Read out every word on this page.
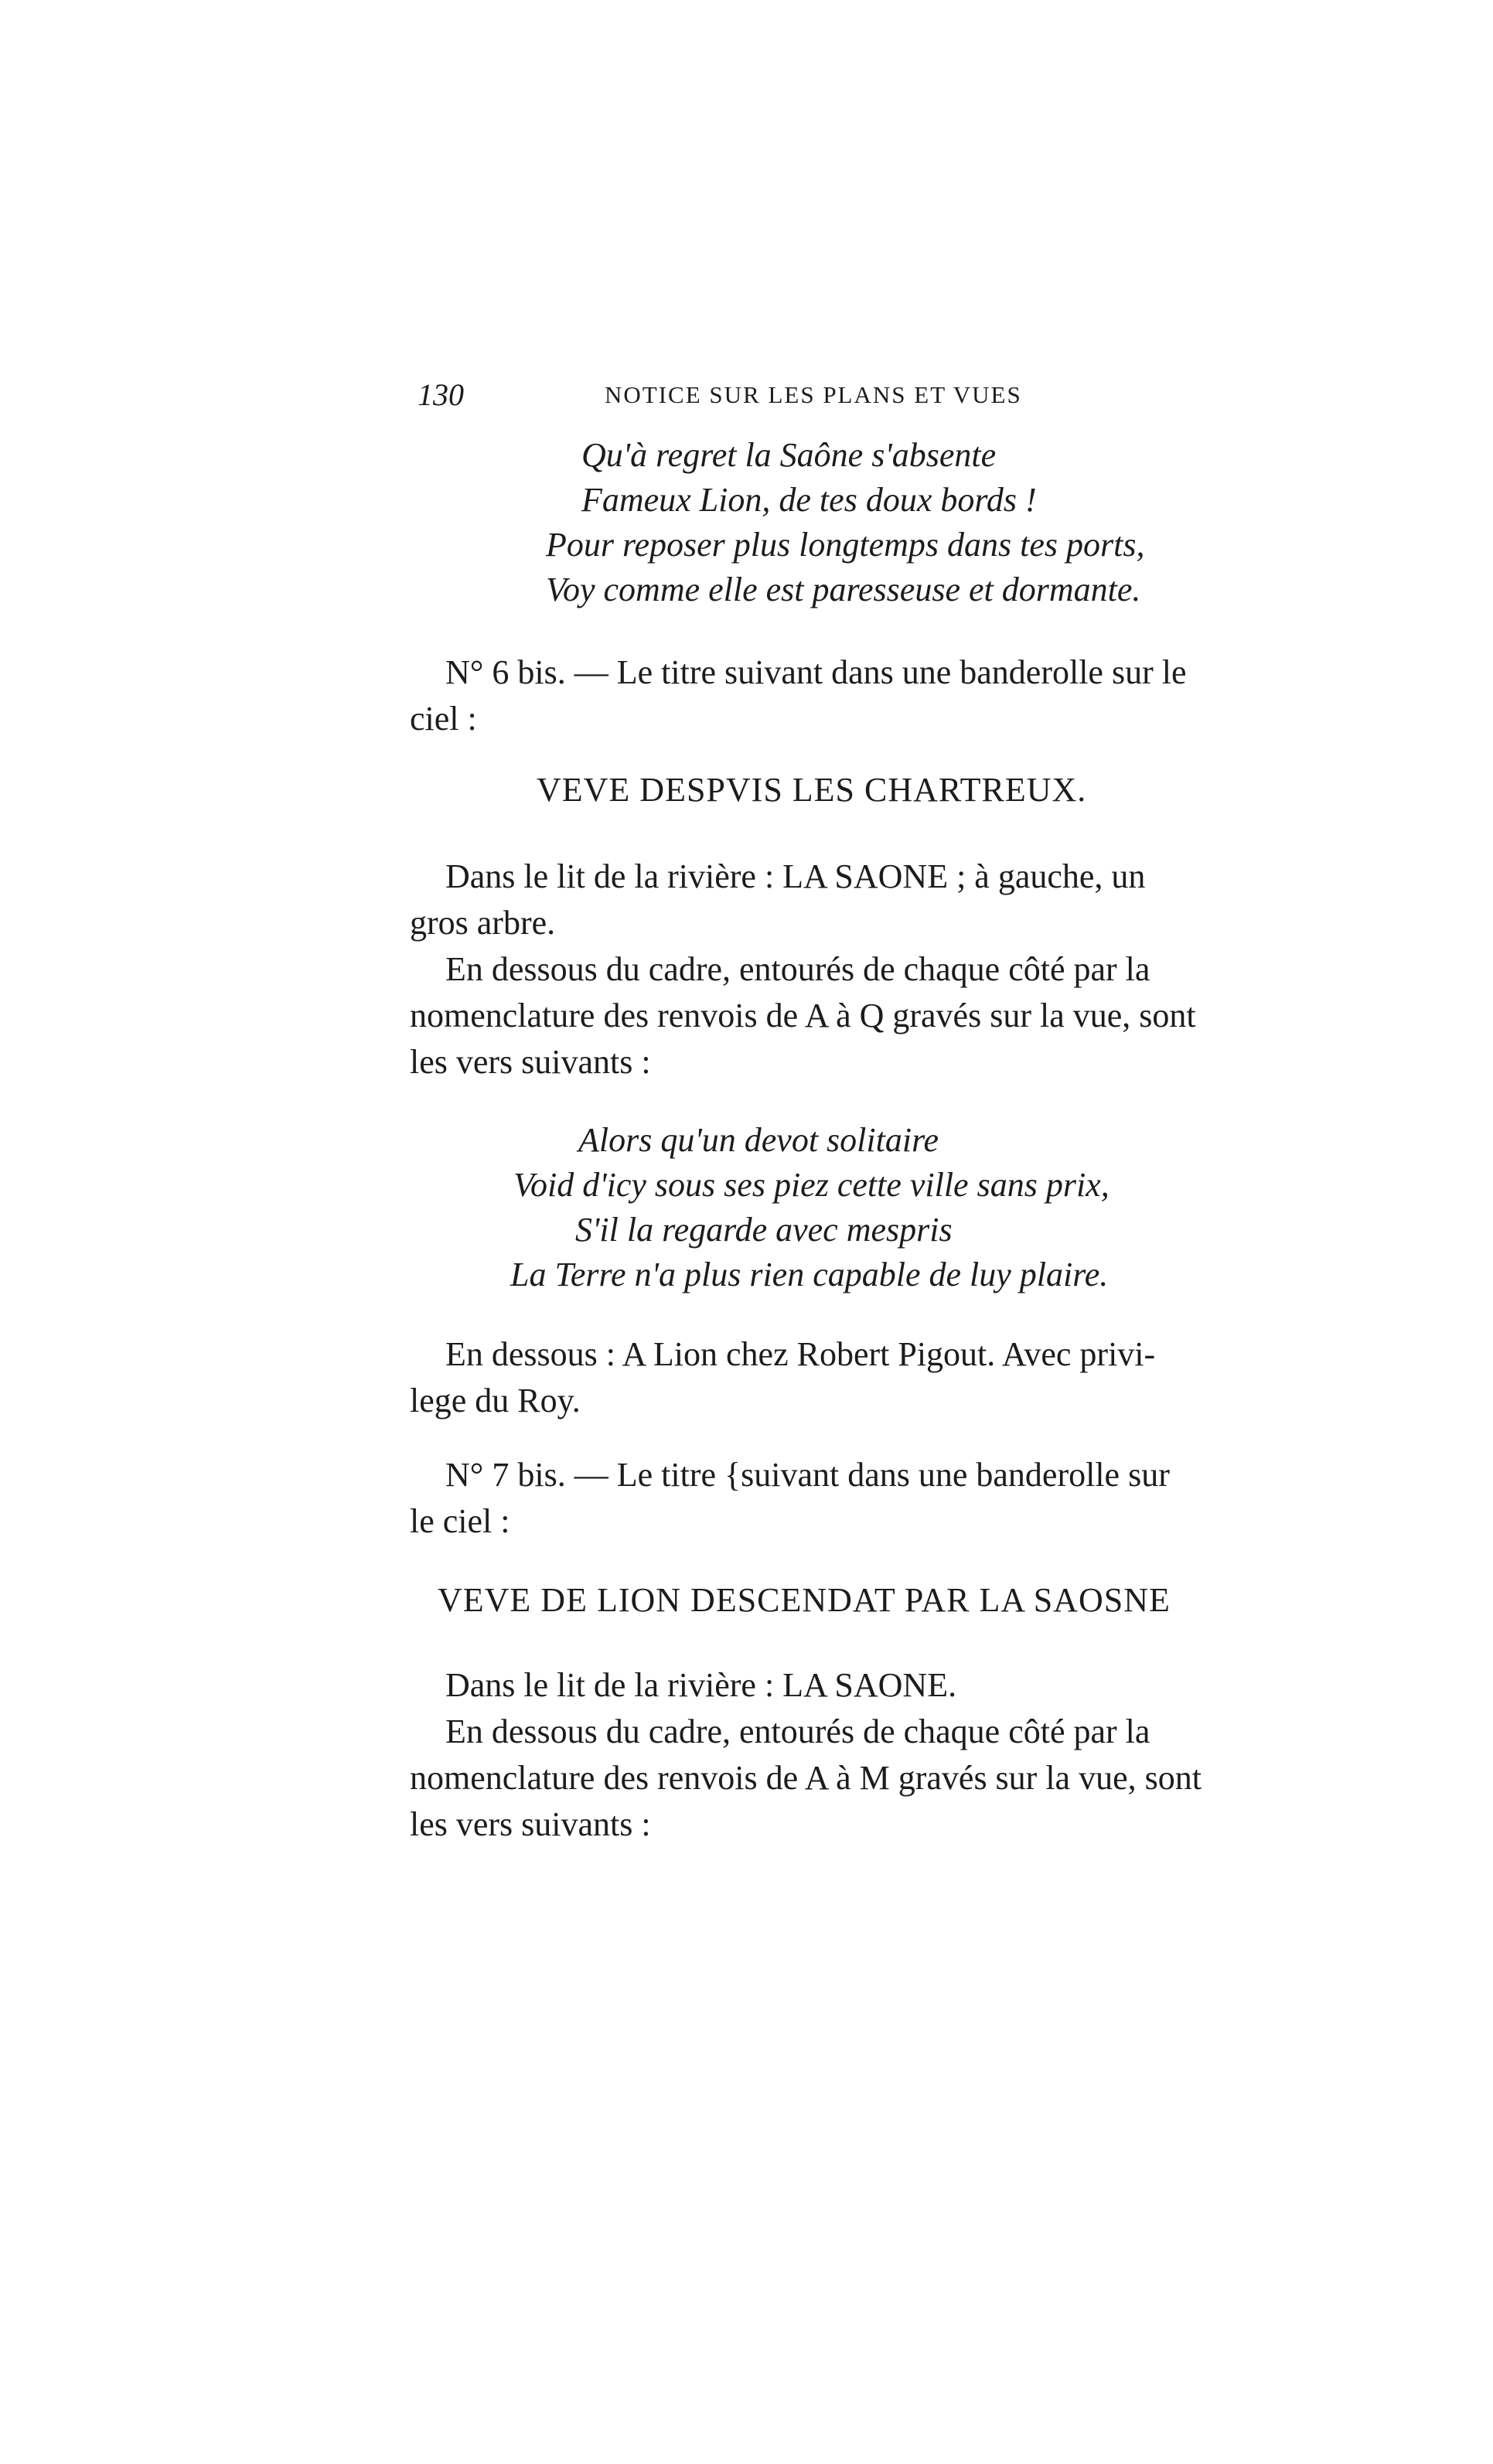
130	NOTICE SUR LES PLANS ET VUES
Qu'à regret la Saône s'absente
Fameux Lion, de tes doux bords !
Pour reposer plus longtemps dans tes ports,
Voy comme elle est paresseuse et dormante.

N° 6 bis. — Le titre suivant dans une banderolle sur le

ciel :

VEVE DESPVIS LES CHARTREUX.

Dans le lit de la rivière : LA SAONE ; à gauche, un

gros arbre.

En dessous du cadre, entourés de chaque côté par la

nomenclature des renvois de A à Q gravés sur la vue, sont

les vers suivants :

Alors qu'un devot solitaire
Void d'icy sous ses piez cette ville sans prix,
S'il la regarde avec mespris
La Terre n'a plus rien capable de luy plaire.

En dessous : A Lion chez Robert Pigout. Avec privi-

lege du Roy.

N° 7 bis. — Le titre {suivant dans une banderolle sur

le ciel :

VEVE DE LION DESCENDAT PAR LA SAOSNE

Dans le lit de la rivière : LA SAONE.

En dessous du cadre, entourés de chaque côté par la

nomenclature des renvois de A à M gravés sur la vue, sont

les vers suivants :
